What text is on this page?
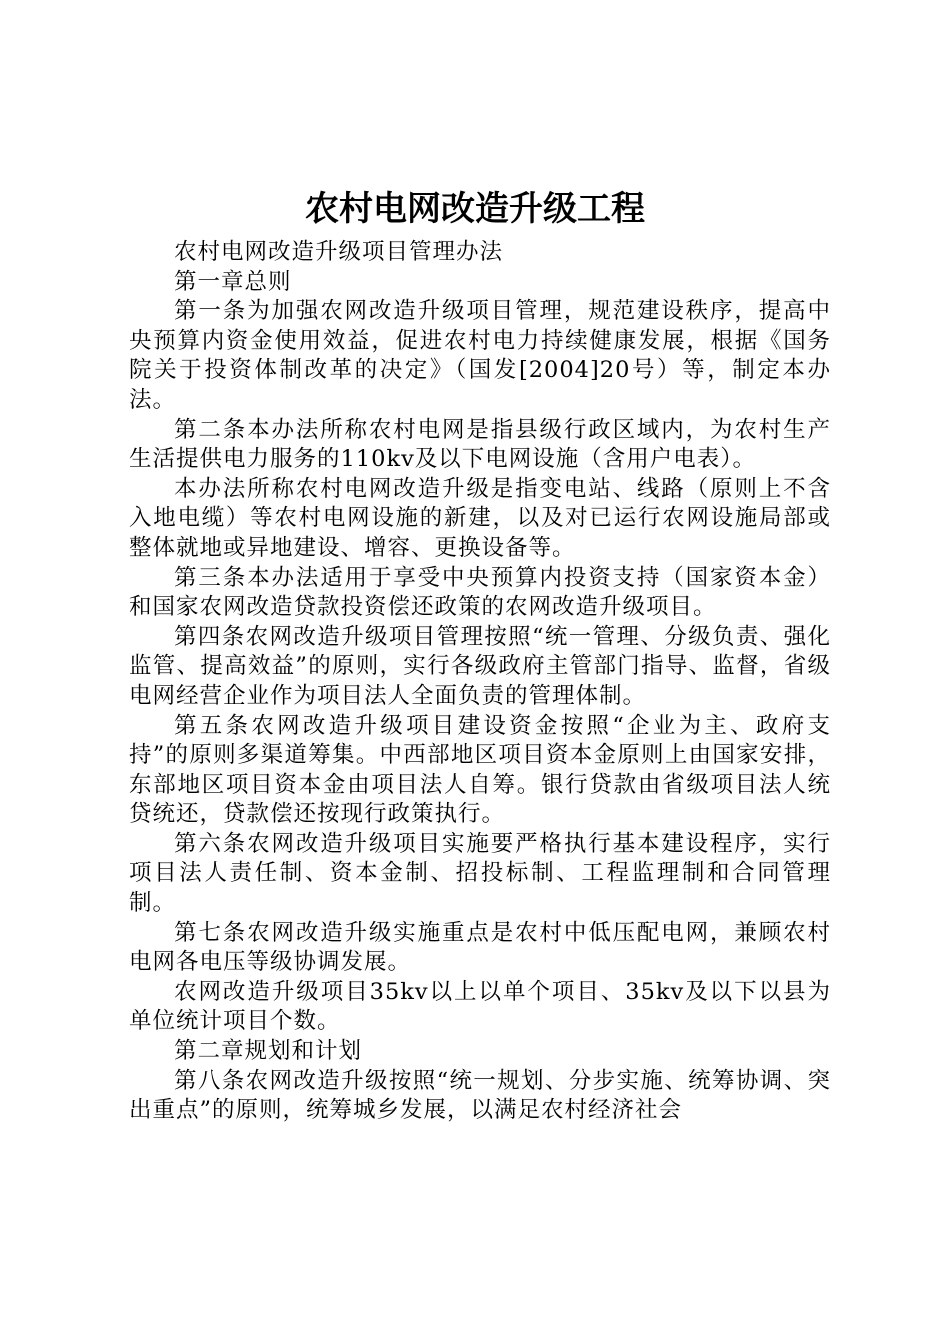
农村电网改造升级工程

农村电网改造升级项目管理办法

第一章总则

第一条为加强农网改造升级项目管理，规范建设秩序，提高中央预算内资金使用效益，促进农村电力持续健康发展，根据《国务院关于投资体制改革的决定》（国发[2004]20号）等，制定本办法。

第二条本办法所称农村电网是指县级行政区域内，为农村生产生活提供电力服务的110kv及以下电网设施（含用户电表）。

本办法所称农村电网改造升级是指变电站、线路（原则上不含入地电缆）等农村电网设施的新建，以及对已运行农网设施局部或整体就地或异地建设、增容、更换设备等。

第三条本办法适用于享受中央预算内投资支持（国家资本金）和国家农网改造贷款投资偿还政策的农网改造升级项目。

第四条农网改造升级项目管理按照“统一管理、分级负责、强化监管、提高效益”的原则，实行各级政府主管部门指导、监督，省级电网经营企业作为项目法人全面负责的管理体制。

第五条农网改造升级项目建设资金按照“企业为主、政府支持”的原则多渠道筹集。中西部地区项目资本金原则上由国家安排，东部地区项目资本金由项目法人自筹。银行贷款由省级项目法人统贷统还，贷款偿还按现行政策执行。

第六条农网改造升级项目实施要严格执行基本建设程序，实行项目法人责任制、资本金制、招投标制、工程监理制和合同管理制。

第七条农网改造升级实施重点是农村中低压配电网，兼顾农村电网各电压等级协调发展。

农网改造升级项目35kv以上以单个项目、35kv及以下以县为单位统计项目个数。

第二章规划和计划

第八条农网改造升级按照“统一规划、分步实施、统筹协调、突出重点”的原则，统筹城乡发展，以满足农村经济社会
